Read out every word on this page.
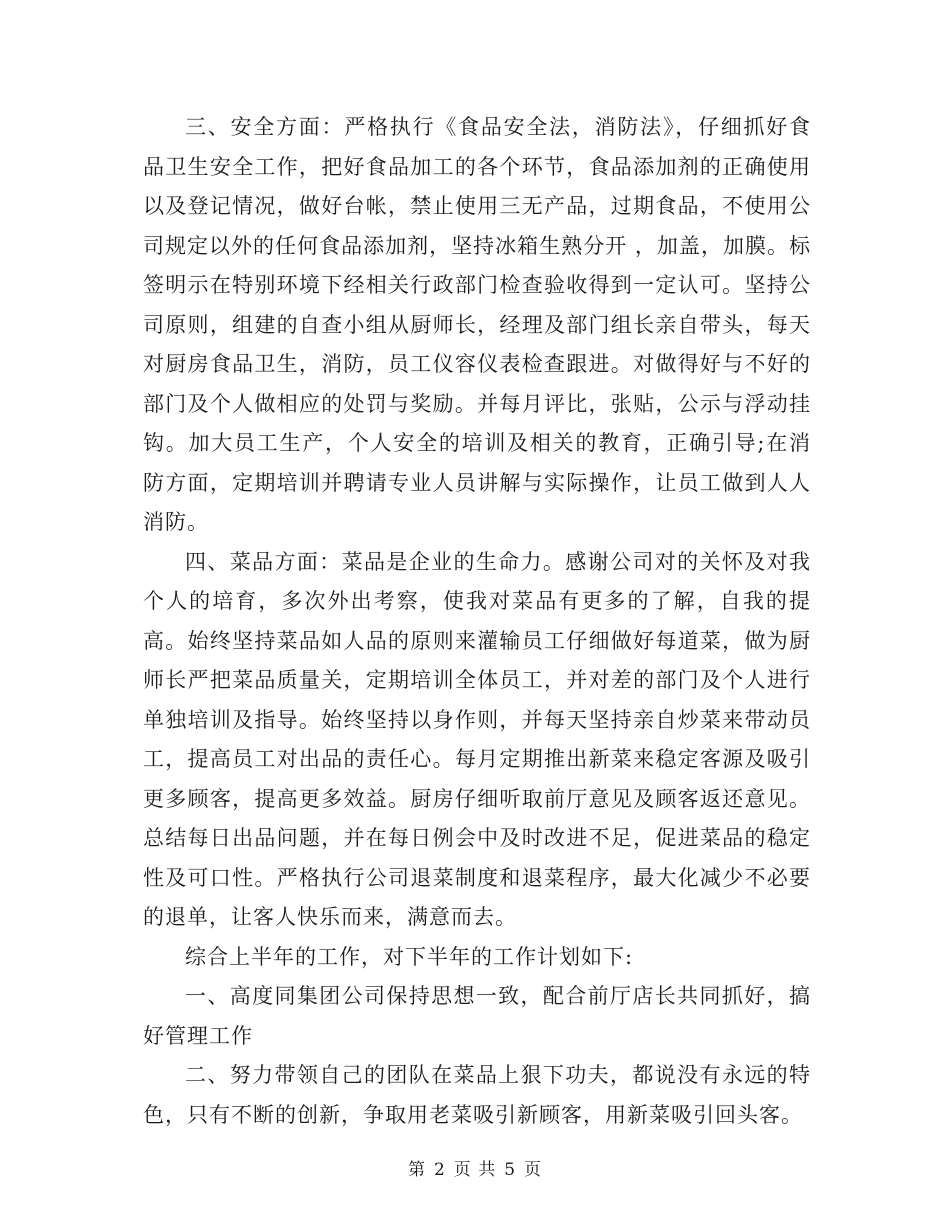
三、安全方面：严格执行《食品安全法，消防法》，仔细抓好食品卫生安全工作，把好食品加工的各个环节，食品添加剂的正确使用以及登记情况，做好台帐，禁止使用三无产品，过期食品，不使用公司规定以外的任何食品添加剂，坚持冰箱生熟分开 ，加盖，加膜。标签明示在特别环境下经相关行政部门检查验收得到一定认可。坚持公司原则，组建的自查小组从厨师长，经理及部门组长亲自带头，每天对厨房食品卫生，消防，员工仪容仪表检查跟进。对做得好与不好的部门及个人做相应的处罚与奖励。并每月评比，张贴，公示与浮动挂钩。加大员工生产，个人安全的培训及相关的教育，正确引导;在消防方面，定期培训并聘请专业人员讲解与实际操作，让员工做到人人消防。

四、菜品方面：菜品是企业的生命力。感谢公司对的关怀及对我个人的培育，多次外出考察，使我对菜品有更多的了解，自我的提高。始终坚持菜品如人品的原则来灌输员工仔细做好每道菜，做为厨师长严把菜品质量关，定期培训全体员工，并对差的部门及个人进行单独培训及指导。始终坚持以身作则，并每天坚持亲自炒菜来带动员工，提高员工对出品的责任心。每月定期推出新菜来稳定客源及吸引更多顾客，提高更多效益。厨房仔细听取前厅意见及顾客返还意见。总结每日出品问题，并在每日例会中及时改进不足，促进菜品的稳定性及可口性。严格执行公司退菜制度和退菜程序，最大化减少不必要的退单，让客人快乐而来，满意而去。

综合上半年的工作，对下半年的工作计划如下:

一、高度同集团公司保持思想一致，配合前厅店长共同抓好，搞好管理工作

二、努力带领自己的团队在菜品上狠下功夫，都说没有永远的特色，只有不断的创新，争取用老菜吸引新顾客，用新菜吸引回头客。

第 2 页 共 5 页
